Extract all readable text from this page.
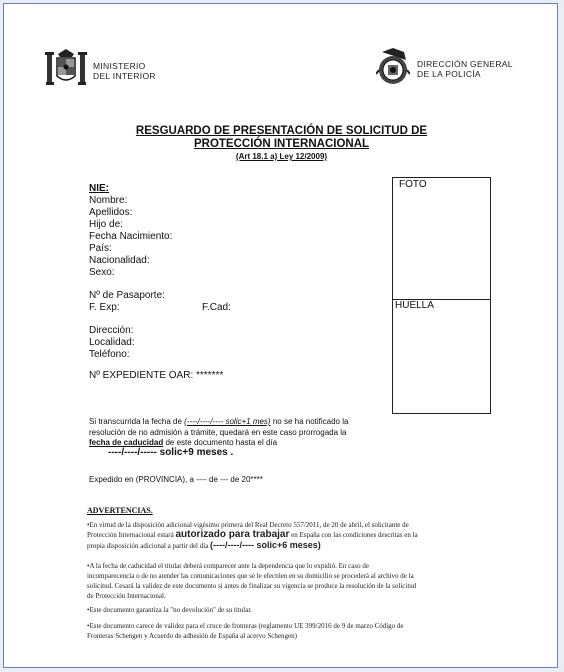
MINISTERIO
DEL INTERIOR
DIRECCIÓN GENERAL
DE LA POLICÍA
RESGUARDO DE PRESENTACIÓN DE SOLICITUD DE
PROTECCIÓN INTERNACIONAL
(Art 18.1 a) Ley 12/2009)
NIE:
Nombre:
Apellidos:
Hijo de:
Fecha Nacimiento:
País:
Nacionalidad:
Sexo:
Nº de Pasaporte:
F. Exp:	F.Cad:
Dirección:
Localidad:
Teléfono:
Nº EXPEDIENTE OAR: *******
FOTO
HUELLA
Si transcurrida la fecha de (----/----/---- solic+1 mes) no se ha notificado la
resolución de no admisión a trámite, quedará en este caso prorrogada la
fecha de caducidad de este documento hasta el día
----/----/----- solic+9 meses .
Expedido en (PROVINCIA), a ---- de --- de 20****
ADVERTENCIAS.
•En virtud de la disposición adicional vigésimo primera del Real Decreto 557/2011, de 20 de abril, el solicitante de
Protección Internacional estará autorizado para trabajar en España con las condiciones descritas en la
propia disposición adicional a partir del día (----/----/---- solic+6 meses)
•A la fecha de caducidad el titular deberá comparecer ante la dependencia que lo expidió. En caso de
incomparecencia o de no atender las comunicaciones que se le efectúen en su domicilio se procederá al archivo de la
solicitud. Cesará la validez de este documento si antes de finalizar su vigencia se produce la resolución de la solicitud
de Protección Internacional.
•Este documento garantiza la "no devolución" de su titular.
•Este documento carece de validez para el cruce de fronteras (reglamento UE 399/2016 de 9 de marzo Código de
Fronteras Schengen y Acuerdo de adhesión de España al acervo Schengen)
